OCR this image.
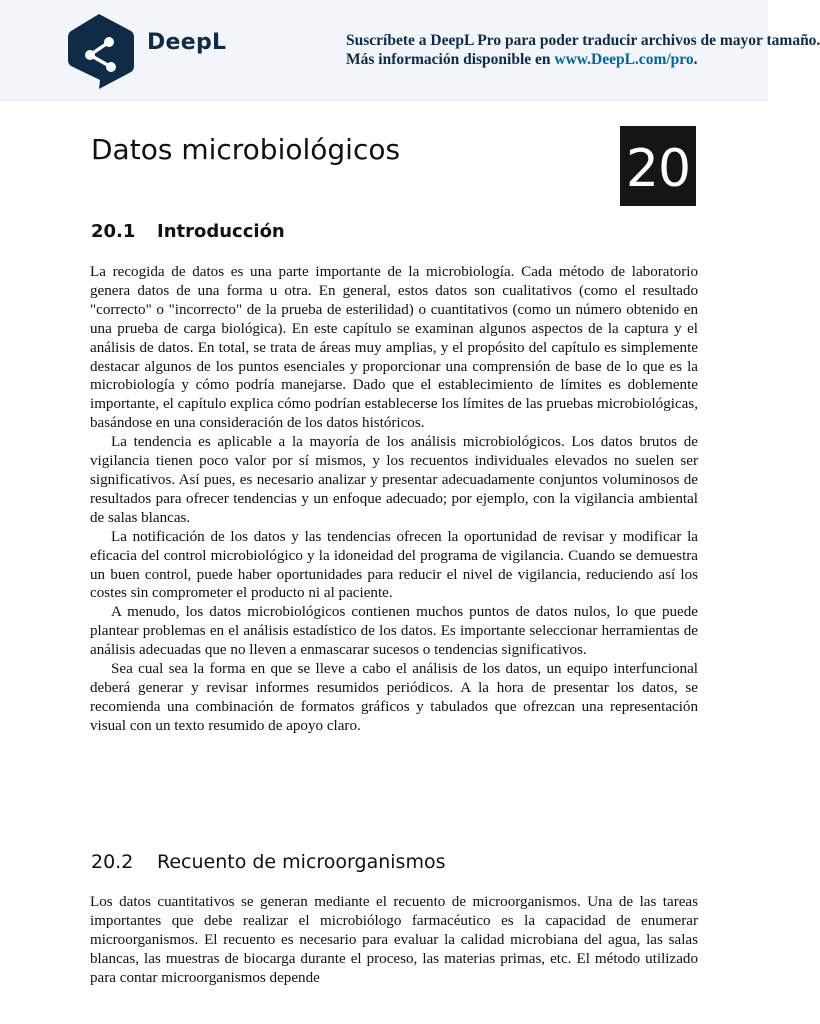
DeepL	Suscríbete a DeepL Pro para poder traducir archivos de mayor tamaño.
Más información disponible en www.DeepL.com/pro.
Datos microbiológicos	20
20.1 Introducción

La recogida de datos es una parte importante de la microbiología. Cada método de laboratorio genera datos de una forma u otra. En general, estos datos son cualitativos (como el resultado "correcto" o "incorrecto" de la prueba de esterilidad) o cuantitativos (como un número obtenido en una prueba de carga biológica). En este capítulo se examinan algunos aspectos de la captura y el análisis de datos. En total, se trata de áreas muy amplias, y el propósito del capítulo es simplemente destacar algunos de los puntos esenciales y proporcionar una comprensión de base de lo que es la microbiología y cómo podría manejarse. Dado que el establecimiento de límites es doblemente importante, el capítulo explica cómo podrían establecerse los límites de las pruebas microbiológicas, basándose en una consideración de los datos históricos.

La tendencia es aplicable a la mayoría de los análisis microbiológicos. Los datos brutos de vigilancia tienen poco valor por sí mismos, y los recuentos individuales elevados no suelen ser significativos. Así pues, es necesario analizar y presentar adecuadamente conjuntos voluminosos de resultados para ofrecer tendencias y un enfoque adecuado; por ejemplo, con la vigilancia ambiental de salas blancas.

La notificación de los datos y las tendencias ofrecen la oportunidad de revisar y modificar la eficacia del control microbiológico y la idoneidad del programa de vigilancia. Cuando se demuestra un buen control, puede haber oportunidades para reducir el nivel de vigilancia, reduciendo así los costes sin comprometer el producto ni al paciente.

A menudo, los datos microbiológicos contienen muchos puntos de datos nulos, lo que puede plantear problemas en el análisis estadístico de los datos. Es importante seleccionar herramientas de análisis adecuadas que no lleven a enmascarar sucesos o tendencias significativos.

Sea cual sea la forma en que se lleve a cabo el análisis de los datos, un equipo interfuncional deberá generar y revisar informes resumidos periódicos. A la hora de presentar los datos, se recomienda una combinación de formatos gráficos y tabulados que ofrezcan una representación visual con un texto resumido de apoyo claro.

20.2 Recuento de microorganismos

Los datos cuantitativos se generan mediante el recuento de microorganismos. Una de las tareas importantes que debe realizar el microbiólogo farmacéutico es la capacidad de enumerar microorganismos. El recuento es necesario para evaluar la calidad microbiana del agua, las salas blancas, las muestras de biocarga durante el proceso, las materias primas, etc. El método utilizado para contar microorganismos depende
